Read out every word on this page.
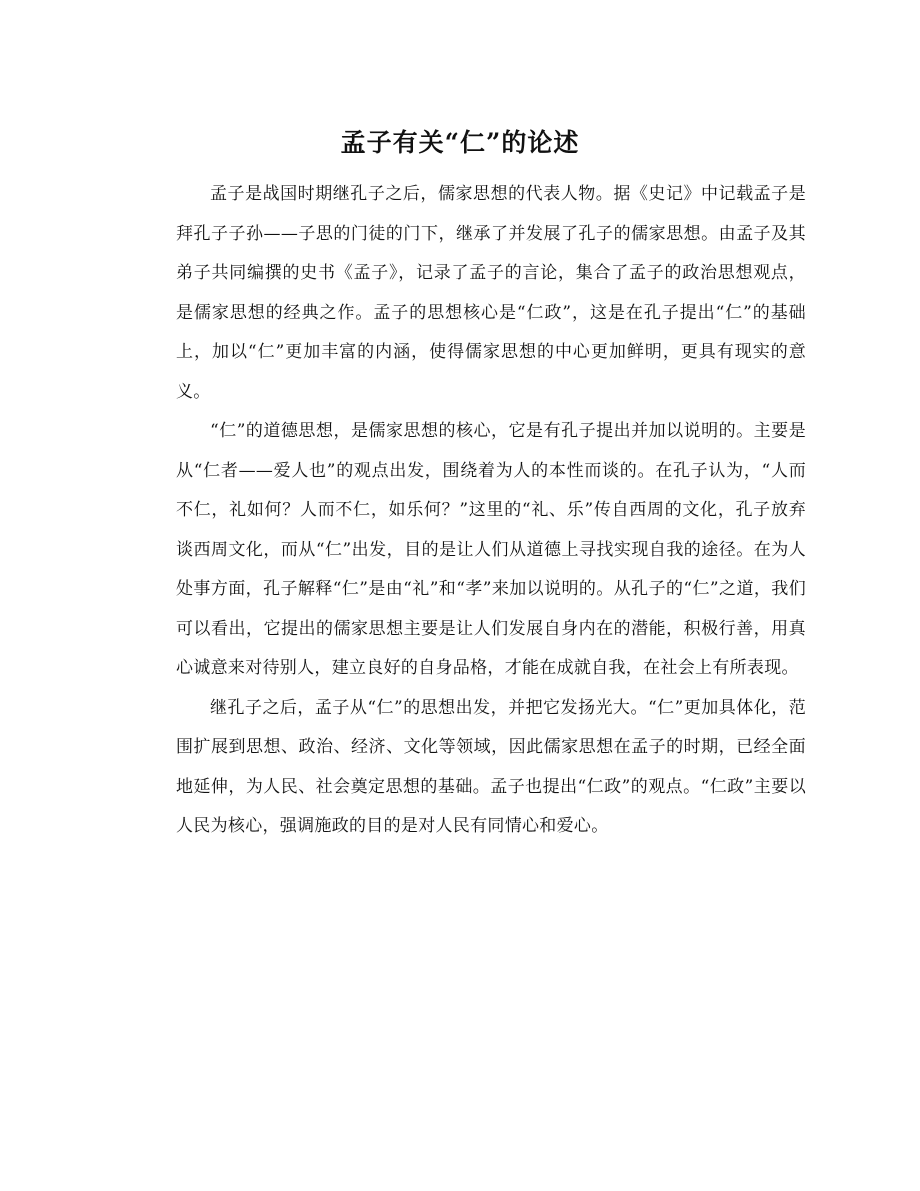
孟子有关“仁”的论述

孟子是战国时期继孔子之后，儒家思想的代表人物。据《史记》中记载孟子是拜孔子子孙——子思的门徒的门下，继承了并发展了孔子的儒家思想。由孟子及其弟子共同编撰的史书《孟子》，记录了孟子的言论，集合了孟子的政治思想观点，是儒家思想的经典之作。孟子的思想核心是“仁政”，这是在孔子提出“仁”的基础上，加以“仁”更加丰富的内涵，使得儒家思想的中心更加鲜明，更具有现实的意义。

“仁”的道德思想，是儒家思想的核心，它是有孔子提出并加以说明的。主要是从“仁者——爱人也”的观点出发，围绕着为人的本性而谈的。在孔子认为，“人而不仁，礼如何？人而不仁，如乐何？”这里的“礼、乐”传自西周的文化，孔子放弃谈西周文化，而从“仁”出发，目的是让人们从道德上寻找实现自我的途径。在为人处事方面，孔子解释“仁”是由“礼”和“孝”来加以说明的。从孔子的“仁”之道，我们可以看出，它提出的儒家思想主要是让人们发展自身内在的潜能，积极行善，用真心诚意来对待别人，建立良好的自身品格，才能在成就自我，在社会上有所表现。

继孔子之后，孟子从“仁”的思想出发，并把它发扬光大。“仁”更加具体化，范围扩展到思想、政治、经济、文化等领域，因此儒家思想在孟子的时期，已经全面地延伸，为人民、社会奠定思想的基础。孟子也提出“仁政”的观点。“仁政”主要以人民为核心，强调施政的目的是对人民有同情心和爱心。
